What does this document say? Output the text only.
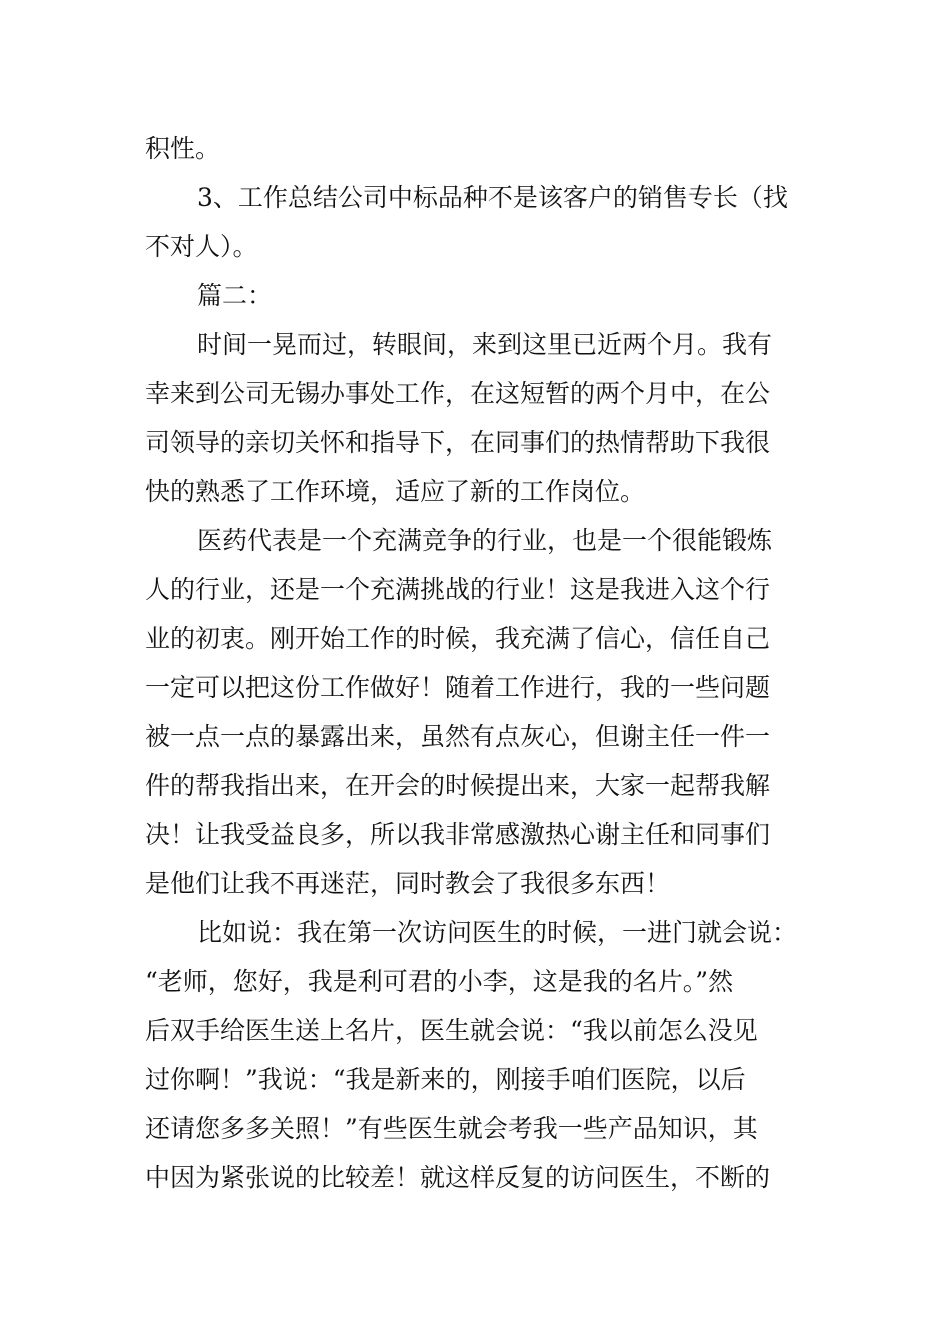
积性。
3、工作总结公司中标品种不是该客户的销售专长（找
不对人）。
篇二：
时间一晃而过，转眼间，来到这里已近两个月。我有
幸来到公司无锡办事处工作，在这短暂的两个月中，在公
司领导的亲切关怀和指导下，在同事们的热情帮助下我很
快的熟悉了工作环境，适应了新的工作岗位。
医药代表是一个充满竞争的行业，也是一个很能锻炼
人的行业，还是一个充满挑战的行业！这是我进入这个行
业的初衷。刚开始工作的时候，我充满了信心，信任自己
一定可以把这份工作做好！随着工作进行，我的一些问题
被一点一点的暴露出来，虽然有点灰心，但谢主任一件一
件的帮我指出来，在开会的时候提出来，大家一起帮我解
决！让我受益良多，所以我非常感激热心谢主任和同事们
是他们让我不再迷茫，同时教会了我很多东西！
比如说：我在第一次访问医生的时候，一进门就会说：
“老师，您好，我是利可君的小李，这是我的名片。”然
后双手给医生送上名片，医生就会说：“我以前怎么没见
过你啊！”我说：“我是新来的，刚接手咱们医院，以后
还请您多多关照！”有些医生就会考我一些产品知识，其
中因为紧张说的比较差！就这样反复的访问医生，不断的
